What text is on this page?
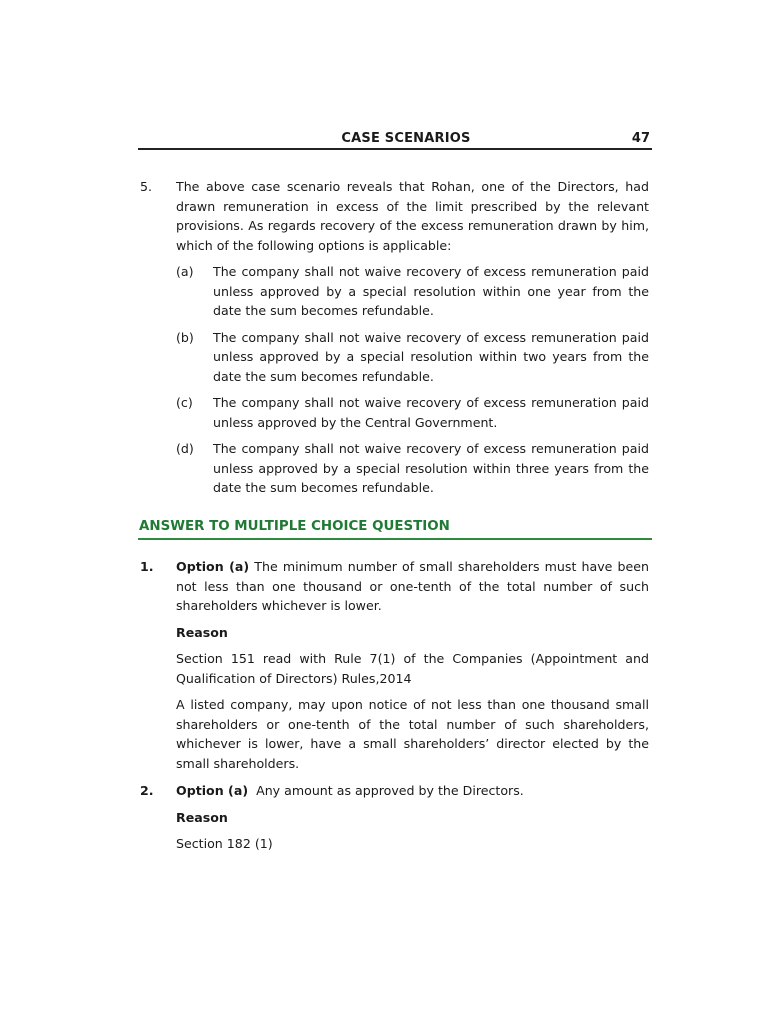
CASE SCENARIOS	47
5. The above case scenario reveals that Rohan, one of the Directors, had drawn remuneration in excess of the limit prescribed by the relevant provisions. As regards recovery of the excess remuneration drawn by him, which of the following options is applicable:
(a) The company shall not waive recovery of excess remuneration paid unless approved by a special resolution within one year from the date the sum becomes refundable.
(b) The company shall not waive recovery of excess remuneration paid unless approved by a special resolution within two years from the date the sum becomes refundable.
(c) The company shall not waive recovery of excess remuneration paid unless approved by the Central Government.
(d) The company shall not waive recovery of excess remuneration paid unless approved by a special resolution within three years from the date the sum becomes refundable.
ANSWER TO MULTIPLE CHOICE QUESTION
1. Option (a) The minimum number of small shareholders must have been not less than one thousand or one-tenth of the total number of such shareholders whichever is lower.
Reason
Section 151 read with Rule 7(1) of the Companies (Appointment and Qualification of Directors) Rules,2014
A listed company, may upon notice of not less than one thousand small shareholders or one-tenth of the total number of such shareholders, whichever is lower, have a small shareholders’ director elected by the small shareholders.
2. Option (a)  Any amount as approved by the Directors.
Reason
Section 182 (1)
